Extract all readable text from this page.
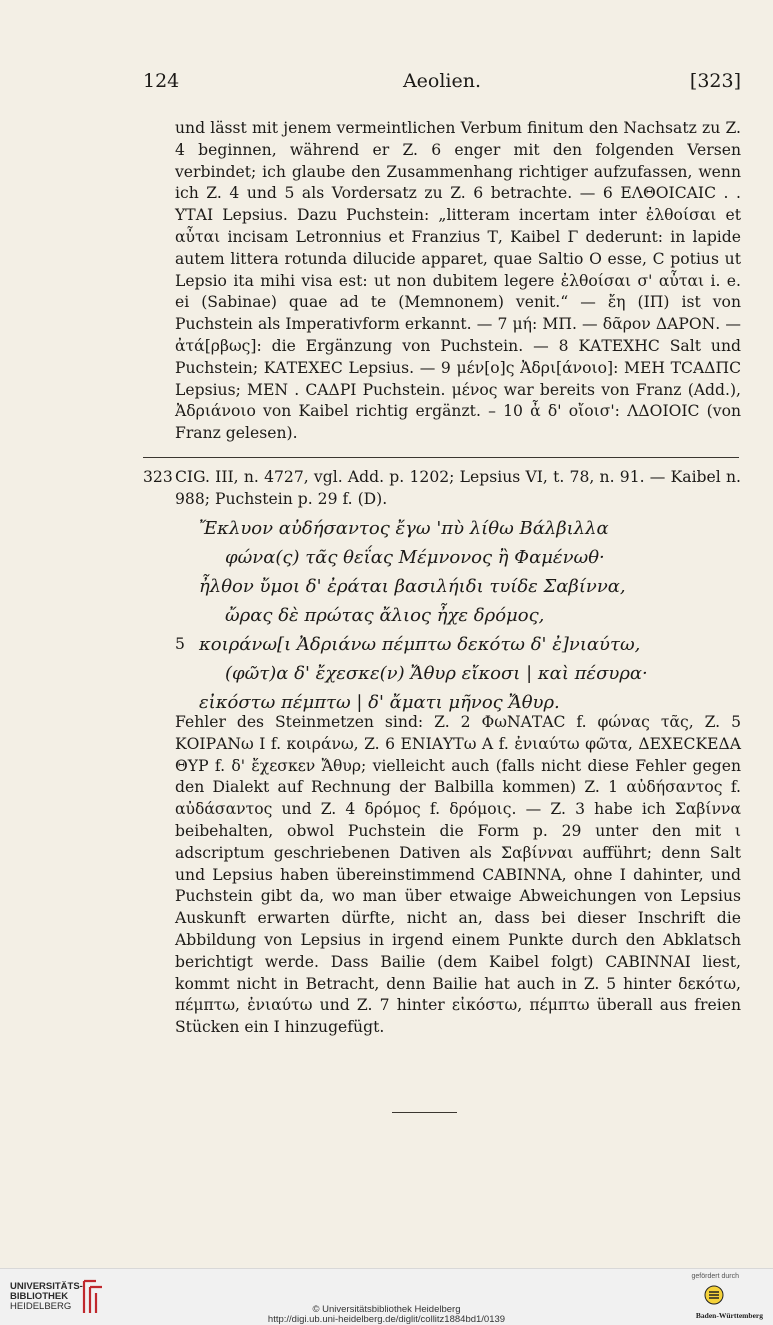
124	Aeolien.	[323]

und lässt mit jenem vermeintlichen Verbum finitum den Nachsatz zu Z. 4 beginnen, während er Z. 6 enger mit den folgenden Versen verbindet; ich glaube den Zusammenhang richtiger aufzufassen, wenn ich Z. 4 und 5 als Vordersatz zu Z. 6 betrachte. — 6 ΕΛΘΟΙϹΑΙϹ . . ΥΤΑΙ Lepsius. Dazu Puchstein: „litteram incertam inter ἐλθοίσαι et αὖται incisam Letronnius et Franzius Τ, Kaibel Γ dederunt: in lapide autem littera rotunda dilucide apparet, quae Saltio Ο esse, Ϲ potius ut Lepsio ita mihi visa est: ut non dubitem legere ἐλθοίσαι σ' αὖται i. e. ei (Sabinae) quae ad te (Memnonem) venit.“ — ἔη (ΙΠ) ist von Puchstein als Imperativform erkannt. — 7 μή: ΜΠ. — δᾶρον ΔΑΡΟΝ. — ἀτά[ρβως]: die Ergänzung von Puchstein. — 8 ΚΑΤΕΧΗϹ Salt und Puchstein; ΚΑΤΕΧΕϹ Lepsius. — 9 μέν[ο]ς Ἀδρι[άνοιο]: ΜΕΗ ΤϹΑΔΠϹ Lepsius; ΜΕΝ . ϹΑΔΡΙ Puchstein. μένος war bereits von Franz (Add.), Ἀδριάνοιο von Kaibel richtig ergänzt. – 10 ἆ δ' οἴοισ': ΛΔΟΙΟΙϹ (von Franz gelesen).

323 CIG. III, n. 4727, vgl. Add. p. 1202; Lepsius VI, t. 78, n. 91. — Kaibel n. 988; Puchstein p. 29 f. (D).
Ἔκλυον αὐδήσαντος ἔγω 'πὺ λίθω Βάλβιλλα
φώνα(ς) τᾶς θεΐας Μέμνονος ἢ Φαμένωθ·
ἦλθον ὔμοι δ' ἐράται βασιλήιδι τυίδε Σαβίννα,
ὤρας δὲ πρώτας ἄλιος ἦχε δρόμος,
5 κοιράνω[ι Ἀδριάνω πέμπτω δεκότω δ' ἐ]νιαύτω,
(φῶτ)α δ' ἔχεσκε(ν) Ἄθυρ εἴκοσι | καὶ πέσυρα·
εἰκόστω πέμπτω | δ' ἄματι μῆνος Ἄθυρ.

Fehler des Steinmetzen sind: Z. 2 ΦωΝΑΤΑϹ f. φώνας τᾶς, Z. 5 ΚΟΙΡΑΝω Ι f. κοιράνω, Z. 6 ΕΝΙΑΥΤω Α f. ἐνιαύτω φῶτα, ΔΕΧΕϹΚΕΔΑ ΘΥΡ f. δ' ἔχεσκεν Ἄθυρ; vielleicht auch (falls nicht diese Fehler gegen den Dialekt auf Rechnung der Balbilla kommen) Z. 1 αὐδήσαντος f. αὐδάσαντος und Z. 4 δρόμος f. δρόμοις. — Z. 3 habe ich Σαβίννα beibehalten, obwol Puchstein die Form p. 29 unter den mit ι adscriptum geschriebenen Dativen als Σαβίνναι aufführt; denn Salt und Lepsius haben übereinstimmend ϹΑΒΙΝΝΑ, ohne Ι dahinter, und Puchstein gibt da, wo man über etwaige Abweichungen von Lepsius Auskunft erwarten dürfte, nicht an, dass bei dieser Inschrift die Abbildung von Lepsius in irgend einem Punkte durch den Abklatsch berichtigt werde. Dass Bailie (dem Kaibel folgt) ϹΑΒΙΝΝΑΙ liest, kommt nicht in Betracht, denn Bailie hat auch in Z. 5 hinter δεκότω, πέμπτω, ἐνιαύτω und Z. 7 hinter εἰκόστω, πέμπτω überall aus freien Stücken ein Ι hinzugefügt.

UNIVERSITÄTS-
BIBLIOTHEK
HEIDELBERG	© Universitätsbibliothek Heidelberg
http://digi.ub.uni-heidelberg.de/diglit/collitz1884bd1/0139
gefördert durch
Baden-Württemberg
